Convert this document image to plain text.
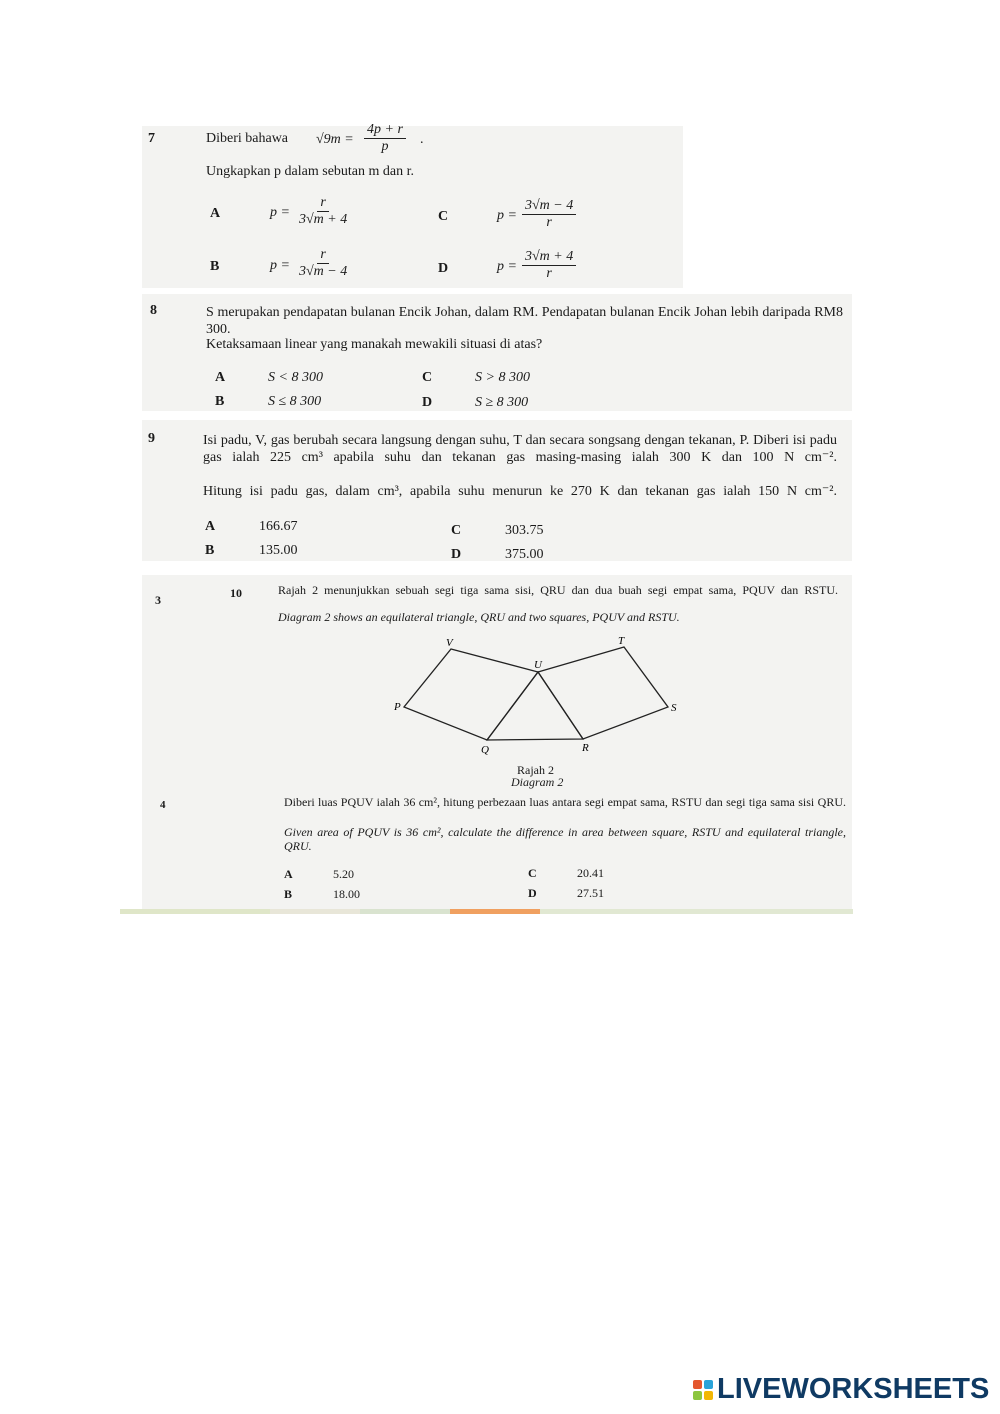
7	Diberi bahawa $√9m = \frac{4p + r}{p}$ .
Ungkapkan p dalam sebutan m dan r.
A	$p = \frac{r}{3√m + 4}$
B	$p = \frac{r}{3√m - 4}$
C	$p = \frac{3√m - 4}{r}$
D	$p = \frac{3√m + 4}{r}$
8	S merupakan pendapatan bulanan Encik Johan, dalam RM. Pendapatan bulanan Encik Johan lebih daripada RM8 300.
Ketaksamaan linear yang manakah mewakili situasi di atas?
A	S < 8 300
B	S ≤ 8 300
C	S > 8 300
D	S ≥ 8 300
9	Isi padu, V, gas berubah secara langsung dengan suhu, T dan secara songsang dengan tekanan, P. Diberi isi padu gas ialah 225 cm³ apabila suhu dan tekanan gas masing-masing ialah 300 K dan 100 N cm⁻².
Hitung isi padu gas, dalam cm³, apabila suhu menurun ke 270 K dan tekanan gas ialah 150 N cm⁻².
A	166.67
B	135.00
C	303.75
D	375.00
3	10	Rajah 2 menunjukkan sebuah segi tiga sama sisi, QRU dan dua buah segi empat sama, PQUV dan RSTU.
Diagram 2 shows an equilateral triangle, QRU and two squares, PQUV and RSTU.
V	T
U
P	S
Q	R
Rajah 2
Diagram 2
4	Diberi luas PQUV ialah 36 cm², hitung perbezaan luas antara segi empat sama, RSTU dan segi tiga sama sisi QRU.
Given area of PQUV is 36 cm², calculate the difference in area between square, RSTU and equilateral triangle, QRU.
A	5.20
B	18.00
C	20.41
D	27.51
LIVEWORKSHEETS
